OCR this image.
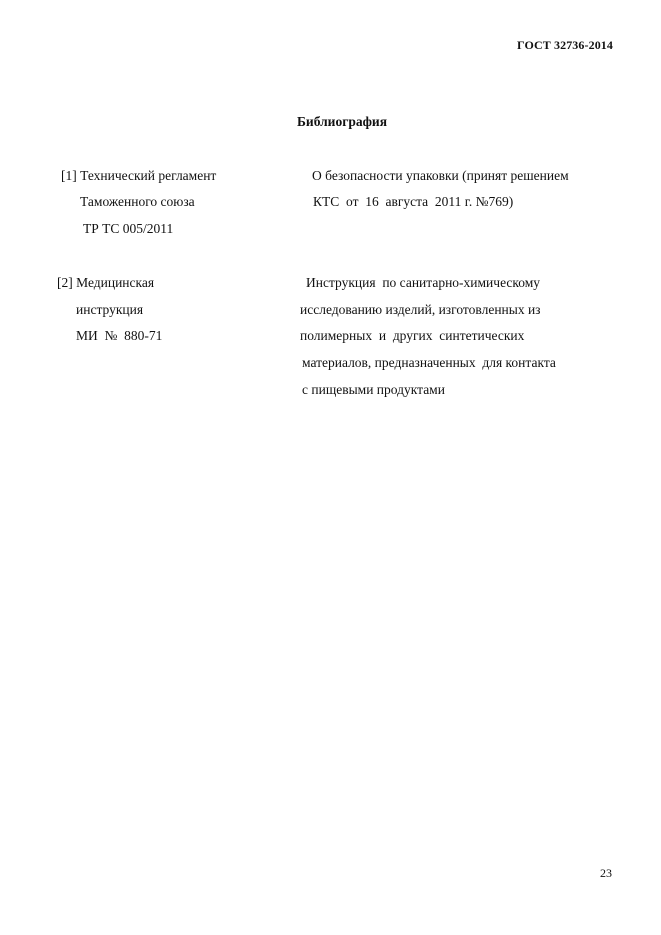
ГОСТ 32736-2014
Библиография
[1] Технический регламент
Таможенного союза
ТР ТС 005/2011
О безопасности упаковки (принят решением
КТС  от  16  августа  2011 г. №769)
[2] Медицинская
инструкция
МИ  №  880-71
Инструкция  по санитарно-химическому
исследованию изделий, изготовленных из
полимерных  и  других  синтетических
материалов, предназначенных  для контакта
с пищевыми продуктами
23
